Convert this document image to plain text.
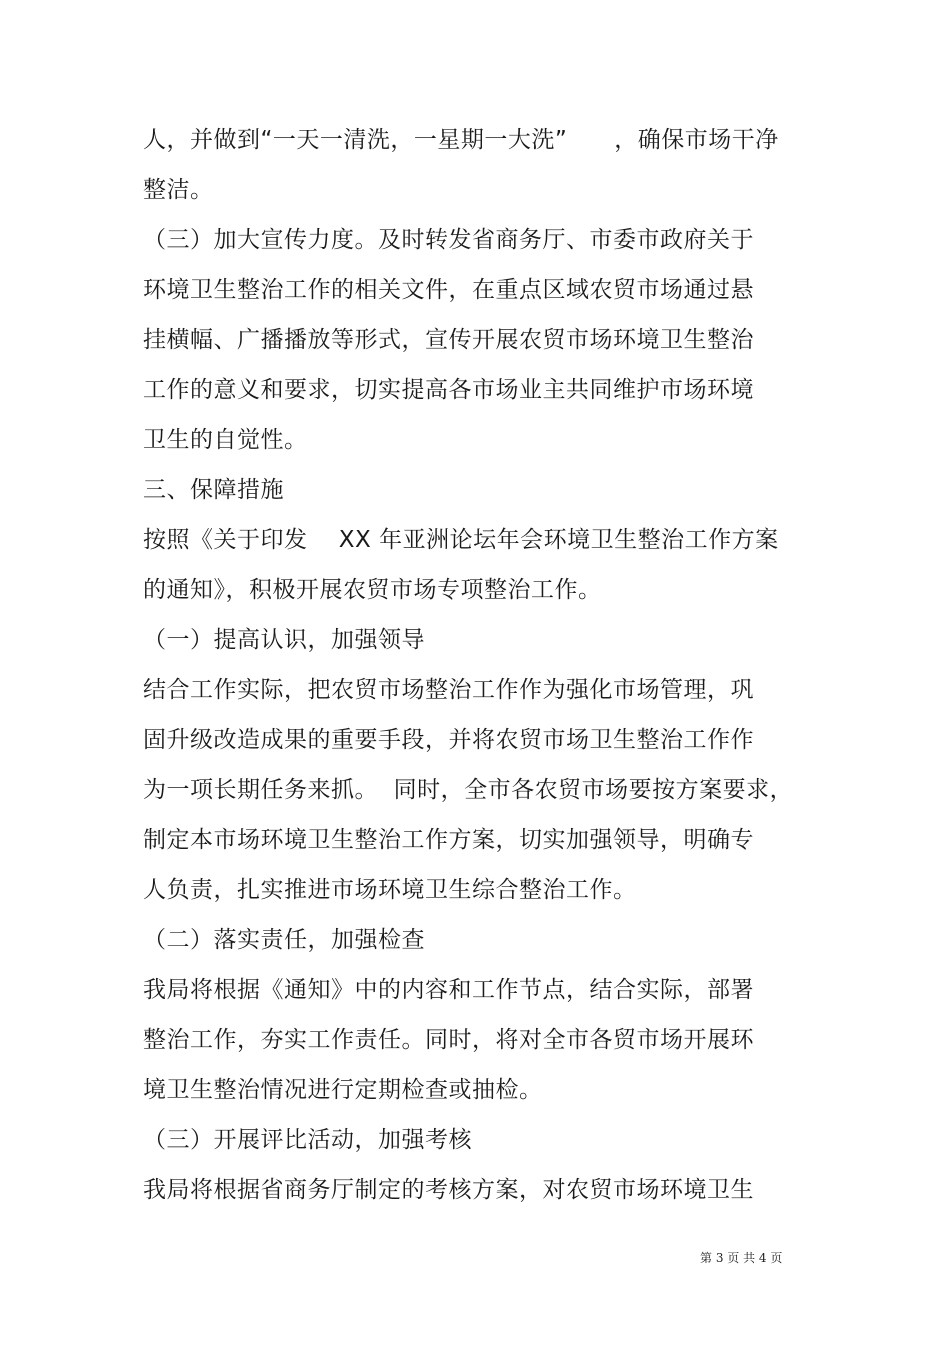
人，并做到“一天一清洗，一星期一大洗”      ，确保市场干净
整洁。
（三）加大宣传力度。及时转发省商务厅、市委市政府关于
环境卫生整治工作的相关文件，在重点区域农贸市场通过悬
挂横幅、广播播放等形式，宣传开展农贸市场环境卫生整治
工作的意义和要求，切实提高各市场业主共同维护市场环境
卫生的自觉性。
三、保障措施
按照《关于印发    XX 年亚洲论坛年会环境卫生整治工作方案
的通知》，积极开展农贸市场专项整治工作。
（一）提高认识，加强领导
结合工作实际，把农贸市场整治工作作为强化市场管理，巩
固升级改造成果的重要手段，并将农贸市场卫生整治工作作
为一项长期任务来抓。  同时，全市各农贸市场要按方案要求，
制定本市场环境卫生整治工作方案，切实加强领导，明确专
人负责，扎实推进市场环境卫生综合整治工作。
（二）落实责任，加强检查
我局将根据《通知》中的内容和工作节点，结合实际，部署
整治工作，夯实工作责任。同时，将对全市各贸市场开展环
境卫生整治情况进行定期检查或抽检。
（三）开展评比活动，加强考核
我局将根据省商务厅制定的考核方案，对农贸市场环境卫生
第 3 页 共 4 页
